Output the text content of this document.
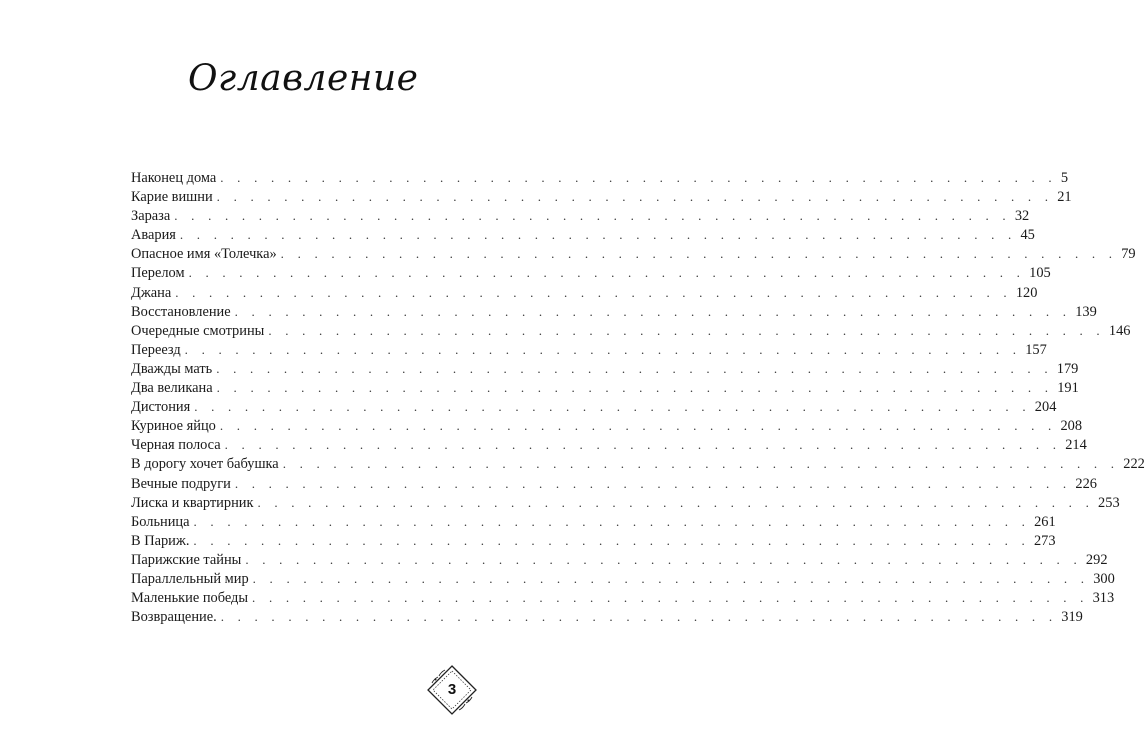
Оглавление
Наконец дома . . . . . . . . . . . . . . . . . . . . . . . . . . . . . . . . . . . . . . . . . . . . . . . . . . 5
Карие вишни . . . . . . . . . . . . . . . . . . . . . . . . . . . . . . . . . . . . . . . . . . . . . . . . . . 21
Зараза . . . . . . . . . . . . . . . . . . . . . . . . . . . . . . . . . . . . . . . . . . . . . . . . . . 32
Авария . . . . . . . . . . . . . . . . . . . . . . . . . . . . . . . . . . . . . . . . . . . . . . . . . . 45
Опасное имя «Толечка» . . . . . . . . . . . . . . . . . . . . . . . . . . . . . . . . . . . . . . . . . . . . . . . . . . 79
Перелом . . . . . . . . . . . . . . . . . . . . . . . . . . . . . . . . . . . . . . . . . . . . . . . . . . 105
Джана . . . . . . . . . . . . . . . . . . . . . . . . . . . . . . . . . . . . . . . . . . . . . . . . . . 120
Восстановление . . . . . . . . . . . . . . . . . . . . . . . . . . . . . . . . . . . . . . . . . . . . . . . . . . 139
Очередные смотрины . . . . . . . . . . . . . . . . . . . . . . . . . . . . . . . . . . . . . . . . . . . . . . . . . . 146
Переезд . . . . . . . . . . . . . . . . . . . . . . . . . . . . . . . . . . . . . . . . . . . . . . . . . . 157
Дважды мать . . . . . . . . . . . . . . . . . . . . . . . . . . . . . . . . . . . . . . . . . . . . . . . . . . 179
Два великана . . . . . . . . . . . . . . . . . . . . . . . . . . . . . . . . . . . . . . . . . . . . . . . . . . 191
Дистония . . . . . . . . . . . . . . . . . . . . . . . . . . . . . . . . . . . . . . . . . . . . . . . . . . 204
Куриное яйцо . . . . . . . . . . . . . . . . . . . . . . . . . . . . . . . . . . . . . . . . . . . . . . . . . . 208
Черная полоса . . . . . . . . . . . . . . . . . . . . . . . . . . . . . . . . . . . . . . . . . . . . . . . . . . 214
В дорогу хочет бабушка . . . . . . . . . . . . . . . . . . . . . . . . . . . . . . . . . . . . . . . . . . . . . . . . . . 222
Вечные подруги . . . . . . . . . . . . . . . . . . . . . . . . . . . . . . . . . . . . . . . . . . . . . . . . . . 226
Лиска и квартирник . . . . . . . . . . . . . . . . . . . . . . . . . . . . . . . . . . . . . . . . . . . . . . . . . . 253
Больница . . . . . . . . . . . . . . . . . . . . . . . . . . . . . . . . . . . . . . . . . . . . . . . . . . 261
В Париж. . . . . . . . . . . . . . . . . . . . . . . . . . . . . . . . . . . . . . . . . . . . . . . . . . . 273
Парижские тайны . . . . . . . . . . . . . . . . . . . . . . . . . . . . . . . . . . . . . . . . . . . . . . . . . . 292
Параллельный мир . . . . . . . . . . . . . . . . . . . . . . . . . . . . . . . . . . . . . . . . . . . . . . . . . . 300
Маленькие победы . . . . . . . . . . . . . . . . . . . . . . . . . . . . . . . . . . . . . . . . . . . . . . . . . . 313
Возвращение. . . . . . . . . . . . . . . . . . . . . . . . . . . . . . . . . . . . . . . . . . . . . . . . . . . 319
3
